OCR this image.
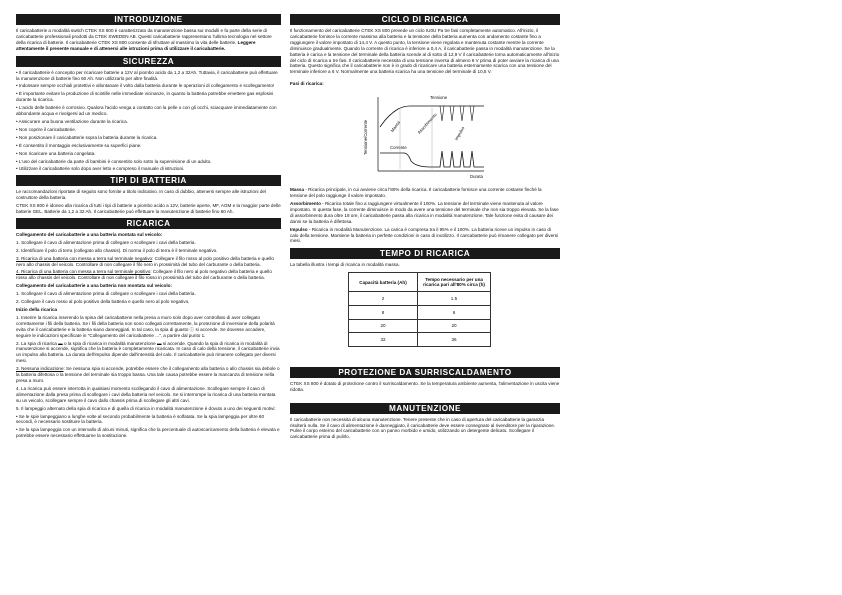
INTRODUZIONE

Il caricabatterie a modalità switch CTEK XS 800 è caratterizzato da manutenzione bassa sui modulli e fa parte della serie di caricabatterie professionali prodotti da CTEK SWEDEN AB. Questi caricabatterie rappresentano l'ultima tecnologia nel settore della ricarica di batterie. Il caricabatterie CTEK XS 800 consente di sfruttare al massimo la vita delle batterie. Leggere attentamente il presente manuale e di attenersi alle istruzioni prima di utilizzare il caricabatterie.

SICUREZZA

• Il caricabatterie è concepito per ricaricare batterie a 12V al piombo acido da 1,2 a 32Ah. Tuttavia, il caricabatterie può effettuare la manutenzione di batterie fino 60 Ah. Non utilizzarlo per altre finalità.

• Indossare sempre occhiali protettivi e allontanare il volto dalla batteria durante le operazioni di collegamento e scollegamento!

• È importante evitare la produzione di scintille nelle immediate vicinanze, in quanto la batteria potrebbe emettere gas esplosivi durante la ricarica.

• L'acido delle batterie è corrosivo. Qualora l'acido venga a contatto con la pelle o con gli occhi, sciacquare immediatamente con abbondante acqua e rivolgersi ad un medico.

• Assicurare una buona ventilazione durante la ricarica.

• Non coprire il caricabatterie.

• Non posizionare il caricabatterie sopra la batteria durante la ricarica.

• È consentito il montaggio esclusivamente su superfici piane.

• Non ricaricare una batteria congelata.

• L'uso del caricabatterie da parte di bambini è consentito solo sotto la supervisione di un adulto.

• Utilizzare il caricabatterie solo dopo aver letto e compreso il manuale di istruzioni.

TIPI DI BATTERIA

Le raccomandazioni riportate di seguito sono fornite a titolo indicativo. In caso di dubbio, attenersi sempre alle istruzioni del costruttore della batteria.

CTEK XS 800 è idoneo alla ricarica di tutti i tipi di batterie a piombo acido a 12V, batterie aperte, MF, AGM e la maggior parte delle batterie GEL. Batterie da 1,2 a 32 Ah. Il caricabatterie può effettuare la manutenzione di batterie fino 60 Ah.

RICARICA

Collegamento del caricabatterie a una batteria montata sul veicolo:

1. Scollegare il cavo di alimentazione prima di collegare o scollegare i cavi della batteria.

2. Identificare il polo di terra (collegato allo chassis). Di norma il polo di terra è il terminale negativo.

3. Ricarica di una batteria con messa a terra sul terminale negativo: Collegare il filo rosso al polo positivo della batteria e quello nero allo chassis del veicolo. Controllare di non collegare il filo nero in prossimità del tubo del carburante o della batteria.

4. Ricarica di una batteria con messa a terra sul terminale positivo: Collegare il filo nero al polo negativo della batteria e quello rosso allo chassis del veicolo. Controllare di non collegare il filo rosso in prossimità del tubo del carburante o della batteria.

Collegamento del caricabatterie a una batteria non montata sul veicolo:

1. Scollegare il cavo di alimentazione prima di collegare o scollegare i cavi della batteria.

2. Collegare il cavo rosso al polo positivo della batteria e quello nero al polo negativo.

Inizio della ricarica

1. Inserire la ricarica inserendo la spina del caricabatterie nella presa a muro solo dopo aver controllato di aver collegato correttamente i fili della batteria. Se i fili della batteria non sono collegati correttamente, la protezione di inversione della polarità evita che il caricabatterie e la batteria siano danneggiati. In tal caso, la spia di guasto ⓘ si accende. Se dovesse accadere, seguire le indicazioni specificate in "Collegamento del caricabatterie ...", a partire dal punto 1.

2. La spia di ricarica ▬ o la spia di ricarica in modalità manutenzione ▬ si accende. Quando la spia di ricarica in modalità di manutenzione si accende, significa che la batteria è completamente ricaricata. In caso di calo della tensione, il caricabatterie invia un impulso alla batteria. La durata dell'impulso dipende dall'intensità del calo. Il caricabatterie può rimanere collegato per diversi mesi.

3. Nessuna indicazione: Se nessuna spia si accende, potrebbe essere che il collegamento alla batteria o allo chassis sia debole o la batteria difettosa o la tensione del terminale sia troppo bassa. Una tale causa potrebbe essere la mancanza di tensione nella presa a muro.

4. La ricarica può essere interrotta in qualsiasi momento scollegando il cavo di alimentazione. Scollegare sempre il cavo di alimentazione dalla presa prima di scollegare i cavi della batteria nel veicolo. Se si interrompe la ricarica di una batteria montata su un veicolo, scollegare sempre il cavo dallo chassis prima di scollegare gli altri cavi.

5. Il lampeggio alternato della spia di ricarica e di quella di ricarica in modalità manutenzione è dovuto a uno dei seguenti motivi:

• Se le spie lampeggiano a lunghe volte al secondo probabilmente la batteria è solfatata. Se la spia lampeggia per oltre 60 secondi, è necessario sostituire la batteria.

• Se la spia lampeggia con un intervallo di alcuni minuti, significa che la percentuale di autoscaricamento della batteria è elevata e potrebbe essere necessario effettuarne la sostituzione.

CICLO DI RICARICA

Il funzionamento del caricabatterie CTEK XS 800 prevede un ciclo IU0U Pa tre fasi completamente automatico. All'inizio, il caricabatterie fornisce la corrente massima alla batteria e la tensione della batteria aumenta con andamento costante fino a raggiungere il valore impostato di 14,4 V. A questo punto, la tensione viene regolata e mantenuta costante mentre la corrente diminuisce gradualmente. Quando la corrente di ricarica è inferiore a 0,4 A, il caricabatterie passa in modalità manutenzione. Se la batteria è carica e la tensione del terminale della batteria scende al di sotto di 12,9 V il caricabatterie torna automaticamente all'inizio del ciclo di ricarica a tre fasi. Il caricabatterie necessita di una tensione inversa di almeno 6 V prima di poter avviare la ricarica di una batteria. Questo significa che il caricabatterie non è in grado di ricaricare una batteria esternamente scarica con una tensione del terminale inferiore a 6 V. Normalmente una batteria scarica ha una tensione del terminale di 10,5 V.

Fasi di ricarica:

Tensione
Massa	Assorbimento	Impulso
Corrente
Tensione/Corrente
Durata

Massa - Ricarica principale, in cui avviene circa l'80% della ricarica. Il caricabatterie fornisce una corrente costante finché la tensione del polo raggiunge il valore impostato.

Assorbimento - Ricarica totale fino a raggiungere virtualmente il 100%. La tensione del terminale viene mantenuta al valore impostato. In questa fase, la corrente diminuisce in modo da avere una tensione del terminale che non sia troppo elevata. Se la fase di assorbimento dura oltre 18 ore, il caricabatterie passa alla ricarica in modalità manutenzione. Tale funzione evita di causare dei danni se la batteria è difettosa.

Impulso - Ricarica in modalità Manutenzione. La carica è compresa tra il 95% e il 100%. La batteria riceve un impulso in caso di calo della tensione. Mantiene la batteria in perfette condizioni in caso di inutilizzo. Il caricabatterie può rimanere collegato per diversi mesi.

TEMPO DI RICARICA

La tabella illustra i tempi di ricarica in modalità massa.

Capacità batteria (Ah)	Tempo necessario per una ricarica pari all'80% circa (h)
2	1.5
8	6
20	20
32	36
PROTEZIONE DA SURRISCALDAMENTO

CTEK XS 800 è dotato di protezione contro il surriscaldamento. Se la temperatura ambiente aumenta, l'alimentazione in uscita viene ridotta.

MANUTENZIONE

Il caricabatterie non necessita di alcuna manutenzione. Tenere presente che in caso di apertura del caricabatterie la garanzia risulterà nulla. Se il cavo di alimentazione è danneggiato, il caricabatterie deve essere consegnato al rivenditore per la riparazione. Pulire il corpo esterno del caricabatterie con un panno morbido e umido, utilizzando un detergente delicato. Scollegare il caricabatterie prima di pulirlo.
